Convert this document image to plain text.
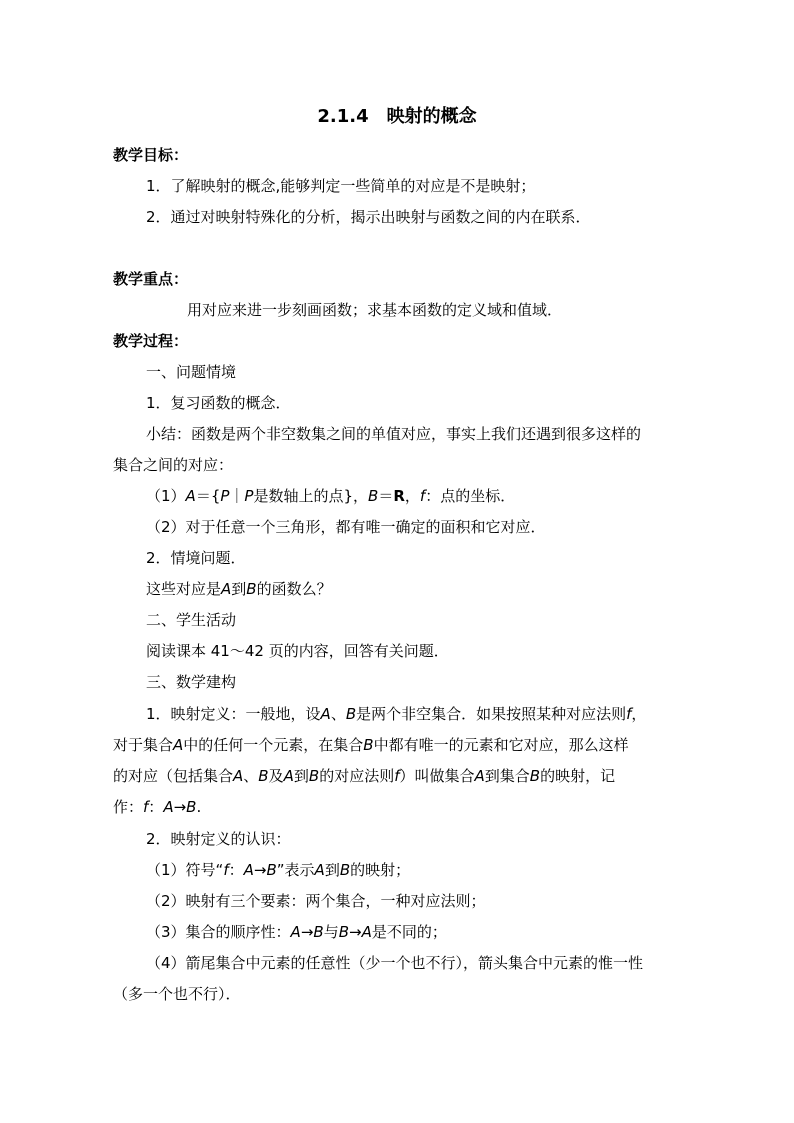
2.1.4　映射的概念
教学目标：
1．了解映射的概念,能够判定一些简单的对应是不是映射；
2．通过对映射特殊化的分析，揭示出映射与函数之间的内在联系．
教学重点：
用对应来进一步刻画函数；求基本函数的定义域和值域．
教学过程：
一、问题情境
1．复习函数的概念．
小结：函数是两个非空数集之间的单值对应，事实上我们还遇到很多这样的
集合之间的对应：
（1）A＝{P｜P是数轴上的点}，B＝R，f：点的坐标．
（2）对于任意一个三角形，都有唯一确定的面积和它对应．
2．情境问题．
这些对应是A到B的函数么？
二、学生活动
阅读课本 41～42 页的内容，回答有关问题．
三、数学建构
1．映射定义：一般地，设A、B是两个非空集合．如果按照某种对应法则f，
对于集合A中的任何一个元素，在集合B中都有唯一的元素和它对应，那么这样
的对应（包括集合A、B及A到B的对应法则f）叫做集合A到集合B的映射，记
作：f：A→B.
2．映射定义的认识：
（1）符号“f：A→B”表示A到B的映射；
（2）映射有三个要素：两个集合，一种对应法则；
（3）集合的顺序性：A→B与B→A是不同的；
（4）箭尾集合中元素的任意性（少一个也不行），箭头集合中元素的惟一性
（多一个也不行）．
